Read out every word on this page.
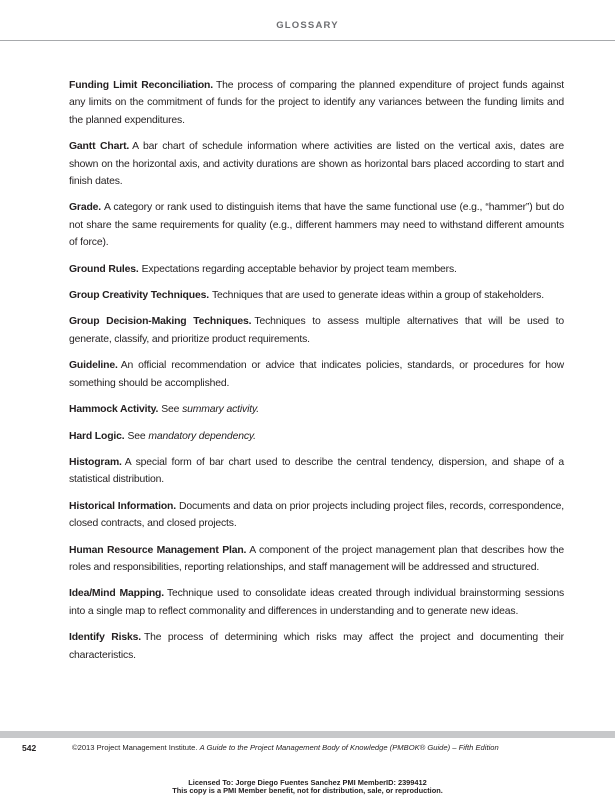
GLOSSARY
Funding Limit Reconciliation. The process of comparing the planned expenditure of project funds against any limits on the commitment of funds for the project to identify any variances between the funding limits and the planned expenditures.
Gantt Chart. A bar chart of schedule information where activities are listed on the vertical axis, dates are shown on the horizontal axis, and activity durations are shown as horizontal bars placed according to start and finish dates.
Grade. A category or rank used to distinguish items that have the same functional use (e.g., “hammer”) but do not share the same requirements for quality (e.g., different hammers may need to withstand different amounts of force).
Ground Rules. Expectations regarding acceptable behavior by project team members.
Group Creativity Techniques. Techniques that are used to generate ideas within a group of stakeholders.
Group Decision-Making Techniques. Techniques to assess multiple alternatives that will be used to generate, classify, and prioritize product requirements.
Guideline. An official recommendation or advice that indicates policies, standards, or procedures for how something should be accomplished.
Hammock Activity. See summary activity.
Hard Logic. See mandatory dependency.
Histogram. A special form of bar chart used to describe the central tendency, dispersion, and shape of a statistical distribution.
Historical Information. Documents and data on prior projects including project files, records, correspondence, closed contracts, and closed projects.
Human Resource Management Plan. A component of the project management plan that describes how the roles and responsibilities, reporting relationships, and staff management will be addressed and structured.
Idea/Mind Mapping. Technique used to consolidate ideas created through individual brainstorming sessions into a single map to reflect commonality and differences in understanding and to generate new ideas.
Identify Risks. The process of determining which risks may affect the project and documenting their characteristics.
542	©2013 Project Management Institute. A Guide to the Project Management Body of Knowledge (PMBOK® Guide) – Fifth Edition
Licensed To: Jorge Diego Fuentes Sanchez PMI MemberID: 2399412
This copy is a PMI Member benefit, not for distribution, sale, or reproduction.
